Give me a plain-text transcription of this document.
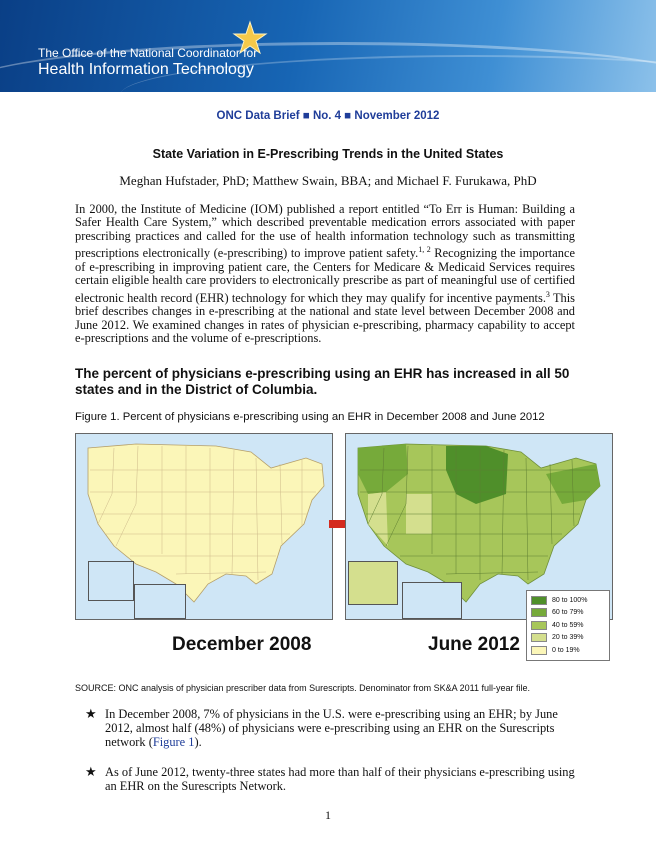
The Office of the National Coordinator for
Health Information Technology
ONC Data Brief ■ No. 4 ■ November 2012
State Variation in E-Prescribing Trends in the United States
Meghan Hufstader, PhD; Matthew Swain, BBA; and Michael F. Furukawa, PhD
In 2000, the Institute of Medicine (IOM) published a report entitled “To Err is Human: Building a Safer Health Care System,” which described preventable medication errors associated with paper prescribing practices and called for the use of health information technology such as transmitting prescriptions electronically (e-prescribing) to improve patient safety.$^{1, 2}$ Recognizing the importance of e-prescribing in improving patient care, the Centers for Medicare & Medicaid Services requires certain eligible health care providers to electronically prescribe as part of meaningful use of certified electronic health record (EHR) technology for which they may qualify for incentive payments.$^3$ This brief describes changes in e-prescribing at the national and state level between December 2008 and June 2012. We examined changes in rates of physician e-prescribing, pharmacy capability to accept e-prescriptions and the volume of e-prescriptions.
The percent of physicians e-prescribing using an EHR has increased in all 50 states and in the District of Columbia.
Figure 1. Percent of physicians e-prescribing using an EHR in December 2008 and June 2012
80 to 100%
60 to 79%
40 to 59%
20 to 39%
0 to 19%
December 2008	June 2012
SOURCE: ONC analysis of physician prescriber data from Surescripts. Denominator from SK&A 2011 full-year file.
★ In December 2008, 7% of physicians in the U.S. were e-prescribing using an EHR; by June 2012, almost half (48%) of physicians were e-prescribing using an EHR on the Surescripts network (Figure 1).
★ As of June 2012, twenty-three states had more than half of their physicians e-prescribing using an EHR on the Surescripts Network.
1
